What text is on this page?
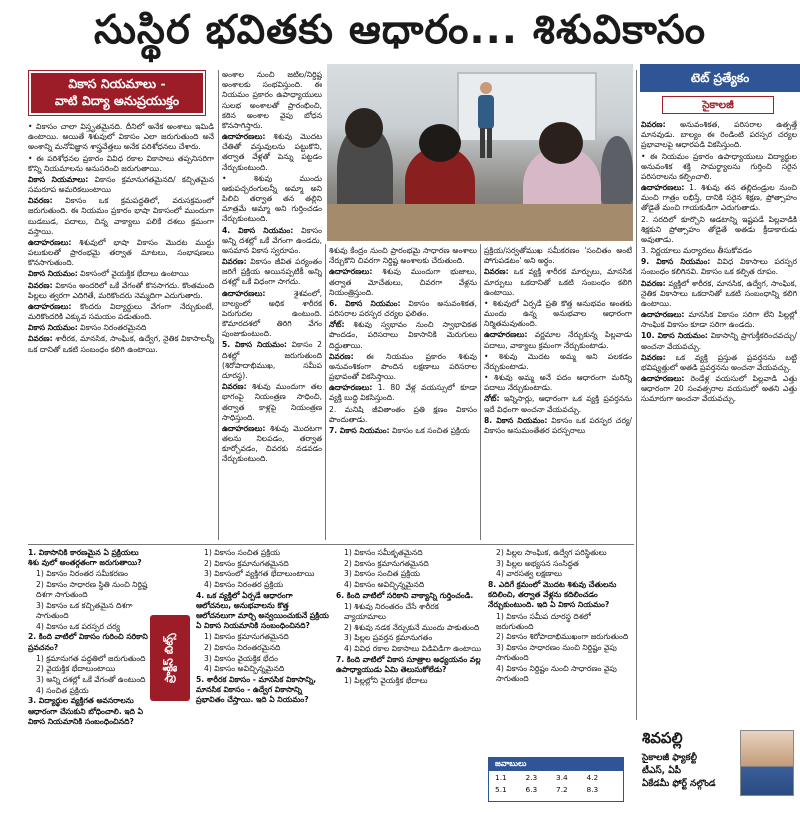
సుస్థిర భవితకు ఆధారం... శిశువికాసం
వికాస నియమాలు -
వాటి విద్యా అనుప్రయుక్తం
టెట్ ప్రత్యేకం
సైకాలజీ
• వికాసం చాలా విస్తృతమైనది. దీనిలో అనేక అంశాలు ఇమిడి ఉంటాయి. అయితే శిశువులో వికాసం ఎలా జరుగుతుంది అనే అంశాన్ని మనోవిజ్ఞాన శాస్త్రవేత్తలు అనేక పరిశోధనలు చేశారు.
• ఈ పరిశోధనల ప్రకారం వివిధ రకాల వికాసాలు తప్పనిసరిగా కొన్ని నియమాలను అనుసరించి జరుగుతాయి.
వికాస నియమాలు: వికాసం క్రమానుగతమైనది/ కచ్చితమైన సమరూప అమరికలుంటాయి
వివరణ: వికాసం ఒక క్రమపద్ధతిలో, వరుసక్రమంలో జరుగుతుంది. ఈ నియమం ప్రకారం భాషా వికాసంలో ముందుగా బుడబుడ, పదాలు, చిన్న వాక్యాలు పలికే దశలు క్రమంగా వస్తాయి.
ఉదాహరణలు: శిశువులో భాషా వికాసం మొదట ముద్దు పలుకులతో ప్రారంభమై తర్వాత మాటలు, సంభాషణలు కొనసాగుతుంది.
వికాస నియమం: వికాసంలో వైయక్తిక భేదాలు ఉంటాయి
వివరణ: వికాసం అందరిలో ఒకే వేగంతో కొనసాగదు. కొంతమంది పిల్లలు త్వరగా ఎదిగితే, మరికొందరు నెమ్మదిగా ఎదుగుతారు.
ఉదాహరణలు: కొందరు విద్యార్థులు వేగంగా నేర్చుకుంటే, మరికొందరికి ఎక్కువ సమయం పడుతుంది.
వికాస నియమం: వికాసం నిరంతరమైనది
వివరణ: శారీరక, మానసిక, సాంఘిక, ఉద్వేగ, నైతిక వికాసాలన్నీ ఒక దానితో ఒకటి సంబంధం కలిగి ఉంటాయి.
అంశాల నుంచి జటిల/నిర్దిష్ట అంశాలకు సంభవిస్తుంది. ఈ నియమం ప్రకారం ఉపాధ్యాయులు సులభ అంశాలతో ప్రారంభించి, కఠిన అంశాల వైపు బోధన కొనసాగిస్తారు.
ఉదాహరణలు: శిశువు మొదట చేతితో వస్తువులను పట్టుకొని, తర్వాత వేళ్లతో పెన్ను పట్టడం నేర్చుకుంటుంది.
• శిశువు ముందు ఆకుపచ్చరంగులన్నీ అమ్మా అని పిలిచి తర్వాత తన తల్లిని మాత్రమే అమ్మా అని గుర్తించడం నేర్చుకుంటుంది.
4. వికాస నియమం: వికాసం అన్ని దశల్లో ఒకే వేగంగా ఉండదు, అసమాన వికాస స్వరూపం.
వివరణ: వికాసం జీవిత పర్యంతం జరిగే ప్రక్రియ అయినప్పటికీ అన్ని దశల్లో ఒకే విధంగా సాగదు.
ఉదాహరణలు:	శైశవంలో, బాల్యంలో అధిక శారీరక పెరుగుదల ఉంటుంది. కౌమారదశలో తిరిగి వేగం పుంజుకుంటుంది.
5. వికాస నియమం: వికాసం 2 దిశల్లో జరుగుతుంది (శిరోపాదాభిముఖ, సమీప దూరస్థ).
వివరణ: శిశువు ముందుగా తల భాగంపై నియంత్రణ సాధించి, తర్వాత కాళ్లపై నియంత్రణ సాధిస్తుంది.
ఉదాహరణలు: శిశువు మొదటగా తలను నిలపడం, తర్వాత కూర్చోవడం, చివరకు నడవడం నేర్చుకుంటుంది.
శిశువు కేంద్రం నుంచి ప్రారంభమై సాధారణ అంశాలు నేర్చుకొని చివరగా నిర్దిష్ట అంశాలకు చేరుతుంది.
ఉదాహరణలు: శిశువు ముందుగా భుజాలు, తర్వాత మోచేతులు, చివరగా వేళ్లను నియంత్రిస్తుంది.
6. వికాస నియమం: వికాసం అనువంశికత, పరిసరాల పరస్పర చర్యల ఫలితం.
నోట్: శిశువు స్వభావం నుంచి స్వాభావికత పొందడం, పరిసరాలు వికాసానికి మెరుగులు దిద్దుతాయి.
వివరణ: ఈ నియమం ప్రకారం శిశువు అనువంశికంగా పొందిన లక్షణాలు పరిసరాల ప్రభావంతో వికసిస్తాయి.
ఉదాహరణలు: 1. 80 వేళ్ల వయస్సులో కూడా వ్యక్తి బుద్ధి వికసిస్తుంది.
2. మనిషి జీవితాంతం ప్రతి క్షణం వికాసం పొందుతాడు.
7. వికాస నియమం: వికాసం ఒక సంచిత ప్రక్రియ
ప్రక్రియ/సర్వతోముఖ సమీకరణం 'సంచితం అంటే పోగుపడటం' అని అర్థం.
వివరణ: ఒక వ్యక్తి శారీరక మార్పులు, మానసిక మార్పులు ఒకదానితో ఒకటి సంబంధం కలిగి ఉంటాయి.
• శిశువులో ఏర్పడే ప్రతి కొత్త అనుభవం అంతకు ముందు ఉన్న అనుభవాల ఆధారంగా నిర్మితమవుతుంది.
ఉదాహరణలు: వర్ణమాల నేర్చుకున్న పిల్లవాడు పదాలు, వాక్యాలు క్రమంగా నేర్చుకుంటాడు.
• శిశువు మొదట అమ్మ అని పలకడం నేర్చుకుంటాడు.
• శిశువు అమ్మ అనే పదం ఆధారంగా మరిన్ని పదాలు నేర్చుకుంటాడు.
నోట్: ఇన్నిసార్లు, ఆధారంగా ఒక వ్యక్తి ప్రవర్తనను ఇదే విధంగా అంచనా వేయవచ్చు.
8. వికాస నియమం: వికాసం ఒక పరస్పర చర్య/ వికాసం అనుమంతేతర పరస్పరాలు
వివరణ: అనువంశికత, పరిసరాల ఉత్పత్తే మానవుడు. బాల్యం ఈ రెండింటి పరస్పర చర్యల ప్రభావాలపై ఆధారపడి వికసిస్తుంది.
• ఈ నియమం ప్రకారం ఉపాధ్యాయులు విద్యార్థుల అనువంశిక శక్తి సామర్థ్యాలను గుర్తించి సరైన పరిసరాలను కల్పించాలి.
ఉదాహరణలు: 1. శిశువు తన తల్లిదండ్రుల నుంచి మంచి గాత్రం లభిస్తే, దానికి సరైన శిక్షణ, ప్రోత్సాహం తోడైతే మంచి గాయకుడిగా ఎదుగుతాడు.
2. సరదిలో కూర్చొని ఆడటాన్ని ఇష్టపడే పిల్లవాడికి శిక్షకుని ప్రోత్సాహం తోడైతే అతడు క్రీడాకారుడు అవుతాడు.
3. నిర్ణయాలు మర్యాదలు తీసుకోవడం
9. వికాస నియమం: వివిధ వికాసాలు పరస్పర సంబంధం కలిగినవి. వికాసం ఒక కల్పిత రూపం.
వివరణ: వ్యక్తిలో శారీరక, మానసిక, ఉద్వేగ, సాంఘిక, నైతిక వికాసాలు ఒకదానితో ఒకటి సంబంధాన్ని కలిగి ఉంటాయి.
ఉదాహరణలు: మానసిక వికాసం సరిగా లేని పిల్లల్లో సాంఘిక వికాసం కూడా సరిగా ఉండదు.
10. వికాస నియమం: వికాసాన్ని ప్రాగుక్తీకరించవచ్చు/ అంచనా వేయవచ్చు.
వివరణ: ఒక వ్యక్తి ప్రస్తుత ప్రవర్తనను బట్టి భవిష్యత్తులో అతడి ప్రవర్తనను అంచనా వేయవచ్చు.
ఉదాహరణలు: రెండేళ్ల వయసులో పిల్లవాడి ఎత్తు ఆధారంగా 20 సంవత్సరాల వయసులో అతని ఎత్తు సుమారుగా అంచనా వేయవచ్చు.
1. వికాసానికి కారణమైన ఏ ప్రక్రియలు శిశు వులో అంతర్గతంగా జరుగుతాయి?
1) వికాసం నిరంతర సమీకరణం
2) వికాసం సాధారణ స్థితి నుంచి నిర్దిష్ట దిశగా సాగుతుంది
3) వికాసం ఒక కచ్చితమైన దిశగా సాగుతుంది
4) వికాసం ఒక పరస్పర చర్య
2. కింది వాటిలో వికాసం గురించి సరికాని ప్రవచనం?
1) క్రమానుగత పద్ధతిలో జరుగుతుంది
2) వైయక్తిక భేదాలుంటాయి
3) అన్ని దశల్లో ఒకే వేగంతో ఉంటుంది
4) సంచిత ప్రక్రియ
3. విద్యార్థుల వ్యక్తిగత అవసరాలను ఆధారంగా చేసుకుని బోధించాలి. ఇది ఏ వికాస నియమానికి సంబంధించినది?
ప్రాక్టీస్ బిట్స్
1) వికాసం సంచిత ప్రక్రియ
2) వికాసం క్రమానుగతమైనది
3) వికాసంలో వ్యక్తిగత భేదాలుంటాయి
4) వికాసం నిరంతర ప్రక్రియ
4. ఒక వ్యక్తిలో ఏర్పడే ఆధారంగా ఆలోచనలు, అనుభవాలను కొత్త ఆలోచనలుగా మార్చి అన్వయించుకునే ప్రక్రియ ఏ వికాస నియమానికి సంబంధించినది?
1) వికాసం క్రమానుగతమైనది
2) వికాసం నిరంతరమైనది
3) వికాసం వైయక్తిక భేదం
4) వికాసం అవిచ్ఛిన్నమైనది
5. శారీరక వికాసం - మానసిక వికాసాన్ని, మానసిక వికాసం - ఉద్వేగ వికాసాన్ని ప్రభావితం చేస్తాయి. ఇది ఏ నియమం?
1) వికాసం సమీకృతమైనది
2) వికాసం క్రమానుగతమైనది
3) వికాసం సంచిత ప్రక్రియ
4) వికాసం అవిచ్ఛిన్నమైనది
6. కింది వాటిలో సరికాని వాక్యాన్ని గుర్తించండి.
1) శిశువు నిరంతరం చేసే శారీరక వ్యాయామాలు
2) శిశువు నడక నేర్చుకునే ముందు పాకుతుంది
3) పిల్లల ప్రవర్తన క్రమానుగతం
4) వివిధ రకాల వికాసాలు విడివిడిగా ఉంటాయి
7. కింది వాటిలో వికాస సూత్రాల అధ్యయనం వల్ల ఉపాధ్యాయుడు ఏమి తెలుసుకోలేడు?
1) పిల్లల్లోని వైయక్తిక భేదాలు
2) పిల్లల సాంఘిక, ఉద్వేగ పరిస్థితులు
3) పిల్లల అభ్యసన సంసిద్ధత
4) వారసత్వ లక్షణాలు
8. ఎదిగే క్రమంలో మొదట శిశువు చేతులను కదిలించి, తర్వాత వేళ్లను కదిలించడం నేర్చుకుంటుంది. ఇది ఏ వికాస నియమం?
1) వికాసం సమీప దూరస్థ దిశలో జరుగుతుంది
2) వికాసం శిరోపాదాభిముఖంగా జరుగుతుంది
3) వికాసం సాధారణం నుంచి నిర్దిష్టం వైపు సాగుతుంది
4) వికాసం నిర్దిష్టం నుంచి సాధారణం వైపు సాగుతుంది
జవాబులు
1.1	2.3	3.4	4.2
5.1	6.3	7.2	8.3
శివపల్లి
సైకాలజీ ఫ్యాకల్టీ
టీఎస్, ఏపీ
ఏకేడమీ ఫోర్ట్ నల్గొండ
